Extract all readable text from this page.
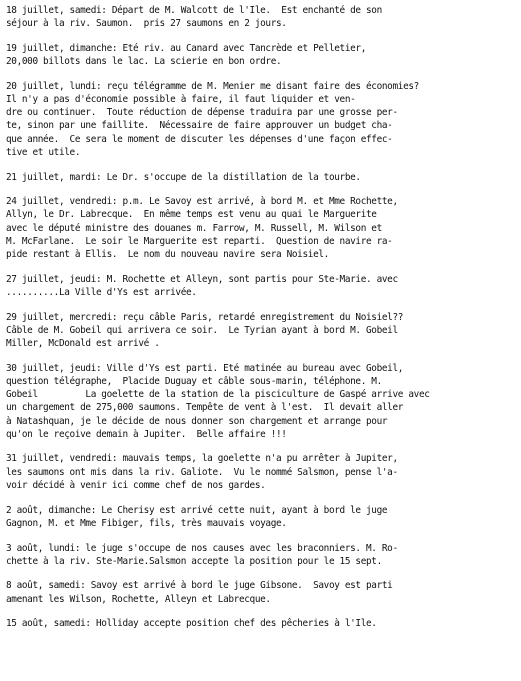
18 juillet, samedi: Départ de M. Walcott de l'Ile.  Est enchanté de son
séjour à la riv. Saumon.  pris 27 saumons en 2 jours.
19 juillet, dimanche: Eté riv. au Canard avec Tancrède et Pelletier,
20,000 billots dans le lac. La scierie en bon ordre.
20 juillet, lundi: reçu télégramme de M. Menier me disant faire des économies?
Il n'y a pas d'économie possible à faire, il faut liquider et ven-
dre ou continuer.  Toute réduction de dépense traduira par une grosse per-
te, sinon par une faillite.  Nécessaire de faire approuver un budget cha-
que année.  Ce sera le moment de discuter les dépenses d'une façon effec-
tive et utile.
21 juillet, mardi: Le Dr. s'occupe de la distillation de la tourbe.
24 juillet, vendredi: p.m. Le Savoy est arrivé, à bord M. et Mme Rochette,
Allyn, le Dr. Labrecque.  En même temps est venu au quai le Marguerite
avec le député ministre des douanes m. Farrow, M. Russell, M. Wilson et
M. McFarlane.  Le soir le Marguerite est reparti.  Question de navire ra-
pide restant à Ellis.  Le nom du nouveau navire sera Noisiel.
27 juillet, jeudi: M. Rochette et Alleyn, sont partis pour Ste-Marie. avec
..........La Ville d'Ys est arrivée.
29 juillet, mercredi: reçu câble Paris, retardé enregistrement du Noisiel??
Câble de M. Gobeil qui arrivera ce soir.  Le Tyrian ayant à bord M. Gobeil
Miller, McDonald est arrivé .
30 juillet, jeudi: Ville d'Ys est parti. Eté matinée au bureau avec Gobeil,
question télégraphe,  Placide Duguay et câble sous-marin, téléphone. M.
Gobeil         La goelette de la station de la pisciculture de Gaspé arrive avec
un chargement de 275,000 saumons. Tempête de vent à l'est.  Il devait aller
à Natashquan, je le décide de nous donner son chargement et arrange pour
qu'on le reçoive demain à Jupiter.  Belle affaire !!!
31 juillet, vendredi: mauvais temps, la goelette n'a pu arrêter à Jupiter,
les saumons ont mis dans la riv. Galiote.  Vu le nommé Salsmon, pense l'a-
voir décidé à venir ici comme chef de nos gardes.
2 août, dimanche: Le Cherisy est arrivé cette nuit, ayant à bord le juge
Gagnon, M. et Mme Fibiger, fils, très mauvais voyage.
3 août, lundi: le juge s'occupe de nos causes avec les braconniers. M. Ro-
chette à la riv. Ste-Marie.Salsmon accepte la position pour le 15 sept.
8 août, samedi: Savoy est arrivé à bord le juge Gibsone.  Savoy est parti
amenant les Wilson, Rochette, Alleyn et Labrecque.
15 août, samedi: Holliday accepte position chef des pêcheries à l'Ile.
